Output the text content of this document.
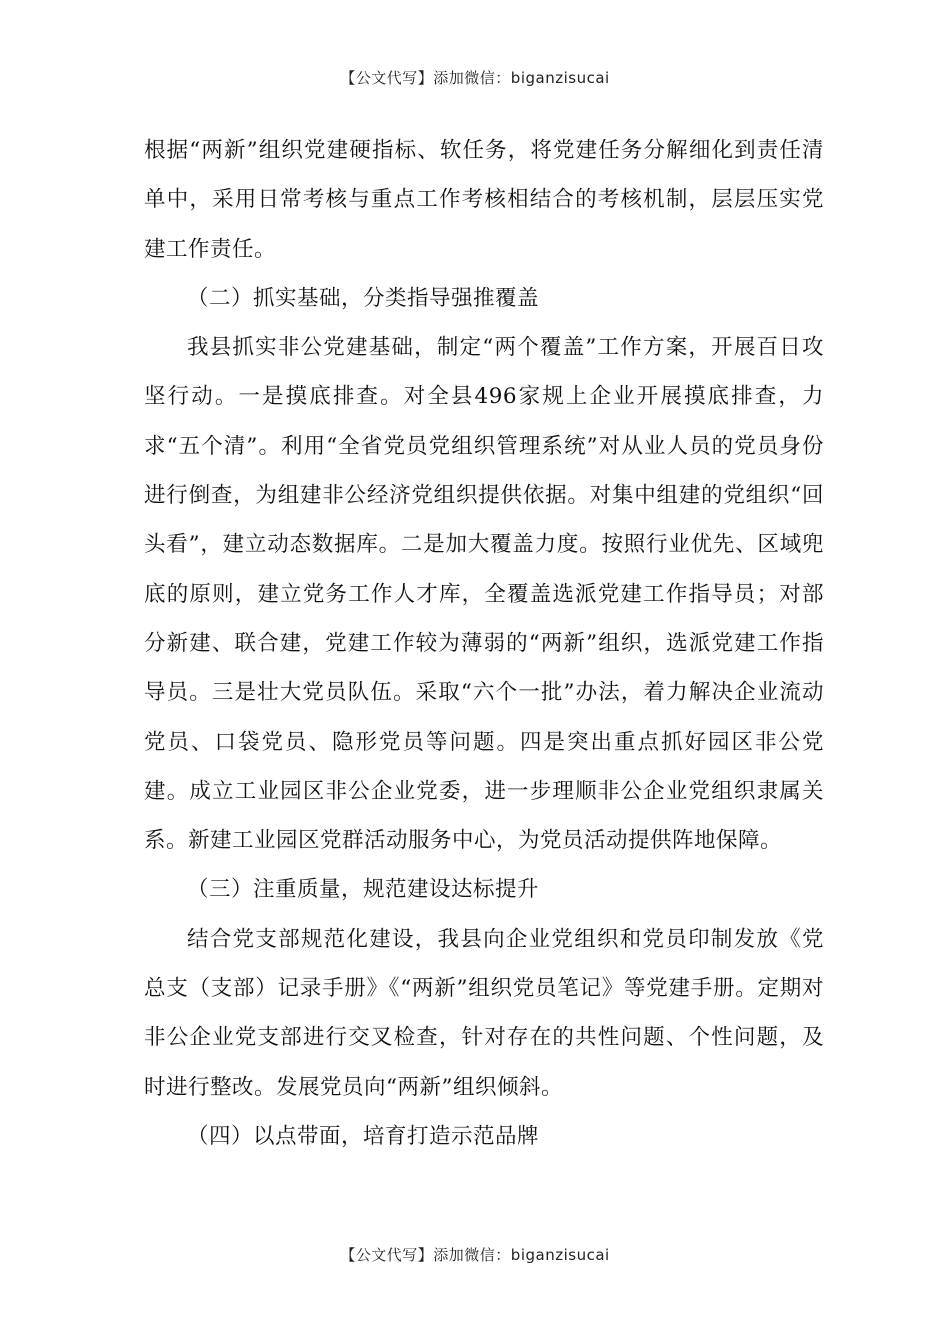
【公文代写】添加微信：biganzisucai

根据“两新”组织党建硬指标、软任务，将党建任务分解细化到责任清单中，采用日常考核与重点工作考核相结合的考核机制，层层压实党建工作责任。

（二）抓实基础，分类指导强推覆盖

我县抓实非公党建基础，制定“两个覆盖”工作方案，开展百日攻坚行动。一是摸底排查。对全县496家规上企业开展摸底排查，力求“五个清”。利用“全省党员党组织管理系统”对从业人员的党员身份进行倒查，为组建非公经济党组织提供依据。对集中组建的党组织“回头看”，建立动态数据库。二是加大覆盖力度。按照行业优先、区域兜底的原则，建立党务工作人才库，全覆盖选派党建工作指导员；对部分新建、联合建，党建工作较为薄弱的“两新”组织，选派党建工作指导员。三是壮大党员队伍。采取“六个一批”办法，着力解决企业流动党员、口袋党员、隐形党员等问题。四是突出重点抓好园区非公党建。成立工业园区非公企业党委，进一步理顺非公企业党组织隶属关系。新建工业园区党群活动服务中心，为党员活动提供阵地保障。

（三）注重质量，规范建设达标提升

结合党支部规范化建设，我县向企业党组织和党员印制发放《党总支（支部）记录手册》《“两新”组织党员笔记》等党建手册。定期对非公企业党支部进行交叉检查，针对存在的共性问题、个性问题，及时进行整改。发展党员向“两新”组织倾斜。

（四）以点带面，培育打造示范品牌

【公文代写】添加微信：biganzisucai
